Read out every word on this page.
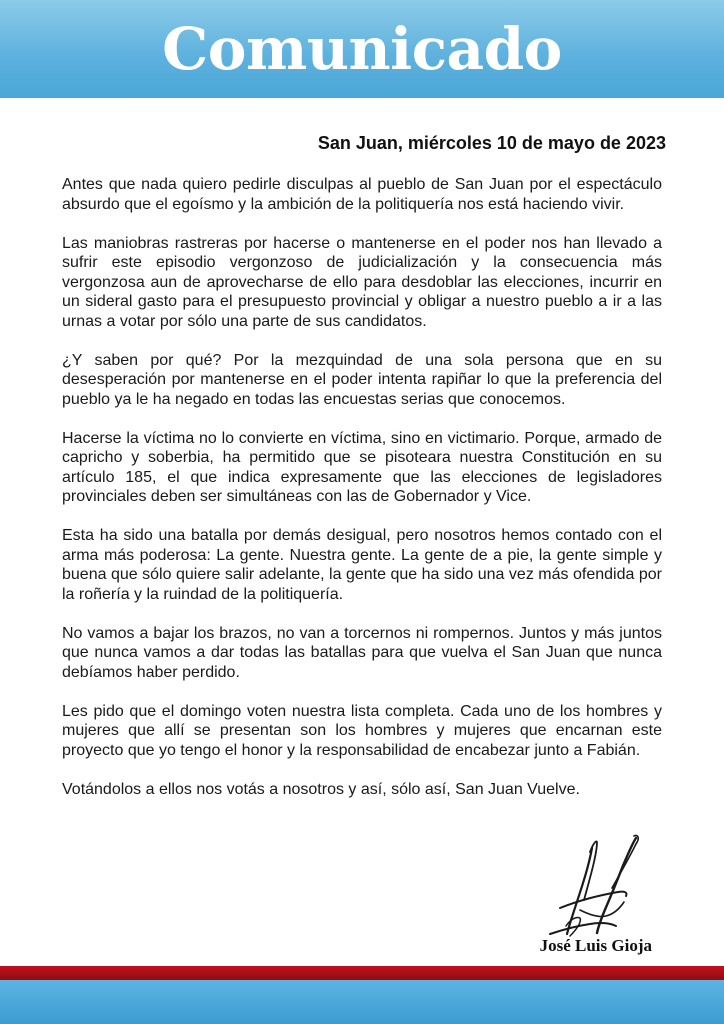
Comunicado
San Juan, miércoles 10 de mayo de 2023

Antes que nada quiero pedirle disculpas al pueblo de San Juan por el espectáculo absurdo que el egoísmo y la ambición de la politiquería nos está haciendo vivir.

Las maniobras rastreras por hacerse o mantenerse en el poder nos han llevado a sufrir este episodio vergonzoso de judicialización y la consecuencia más vergonzosa aun de aprovecharse de ello para desdoblar las elecciones, incurrir en un sideral gasto para el presupuesto provincial y obligar a nuestro pueblo a ir a las urnas a votar por sólo una parte de sus candidatos.

¿Y saben por qué? Por la mezquindad de una sola persona que en su desesperación por mantenerse en el poder intenta rapiñar lo que la preferencia del pueblo ya le ha negado en todas las encuestas serias que conocemos.

Hacerse la víctima no lo convierte en víctima, sino en victimario. Porque, armado de capricho y soberbia, ha permitido que se pisoteara nuestra Constitución en su artículo 185, el que indica expresamente que las elecciones de legisladores provinciales deben ser simultáneas con las de Gobernador y Vice.

Esta ha sido una batalla por demás desigual, pero nosotros hemos contado con el arma más poderosa: La gente. Nuestra gente. La gente de a pie, la gente simple y buena que sólo quiere salir adelante, la gente que ha sido una vez más ofendida por la roñería y la ruindad de la politiquería.

No vamos a bajar los brazos, no van a torcernos ni rompernos. Juntos y más juntos que nunca vamos a dar todas las batallas para que vuelva el San Juan que nunca debíamos haber perdido.

Les pido que el domingo voten nuestra lista completa. Cada uno de los hombres y mujeres que allí se presentan son los hombres y mujeres que encarnan este proyecto que yo tengo el honor y la responsabilidad de encabezar junto a Fabián.

Votándolos a ellos nos votás a nosotros y así, sólo así, San Juan Vuelve.

José Luis Gioja
